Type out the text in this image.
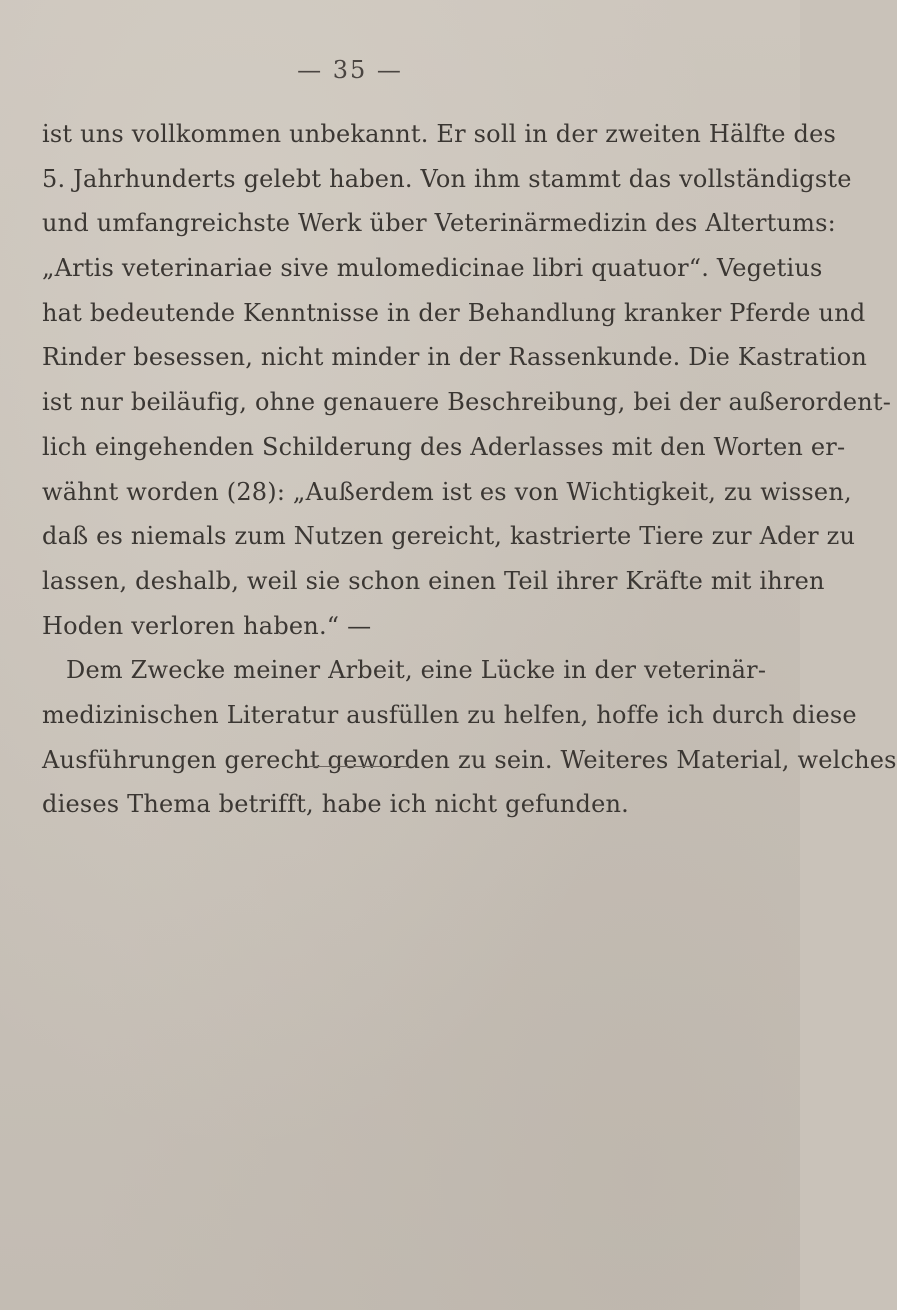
— 35 —
ist uns vollkommen unbekannt. Er soll in der zweiten Hälfte des
5. Jahrhunderts gelebt haben. Von ihm stammt das vollständigste
und umfangreichste Werk über Veterinärmedizin des Altertums:
„Artis veterinariae sive mulomedicinae libri quatuor“. Vegetius
hat bedeutende Kenntnisse in der Behandlung kranker Pferde und
Rinder besessen, nicht minder in der Rassenkunde. Die Kastration
ist nur beiläufig, ohne genauere Beschreibung, bei der außerordent-
lich eingehenden Schilderung des Aderlasses mit den Worten er-
wähnt worden (28): „Außerdem ist es von Wichtigkeit, zu wissen,
daß es niemals zum Nutzen gereicht, kastrierte Tiere zur Ader zu
lassen, deshalb, weil sie schon einen Teil ihrer Kräfte mit ihren
Hoden verloren haben.“ —
Dem Zwecke meiner Arbeit, eine Lücke in der veterinär-
medizinischen Literatur ausfüllen zu helfen, hoffe ich durch diese
Ausführungen gerecht geworden zu sein. Weiteres Material, welches
dieses Thema betrifft, habe ich nicht gefunden.
